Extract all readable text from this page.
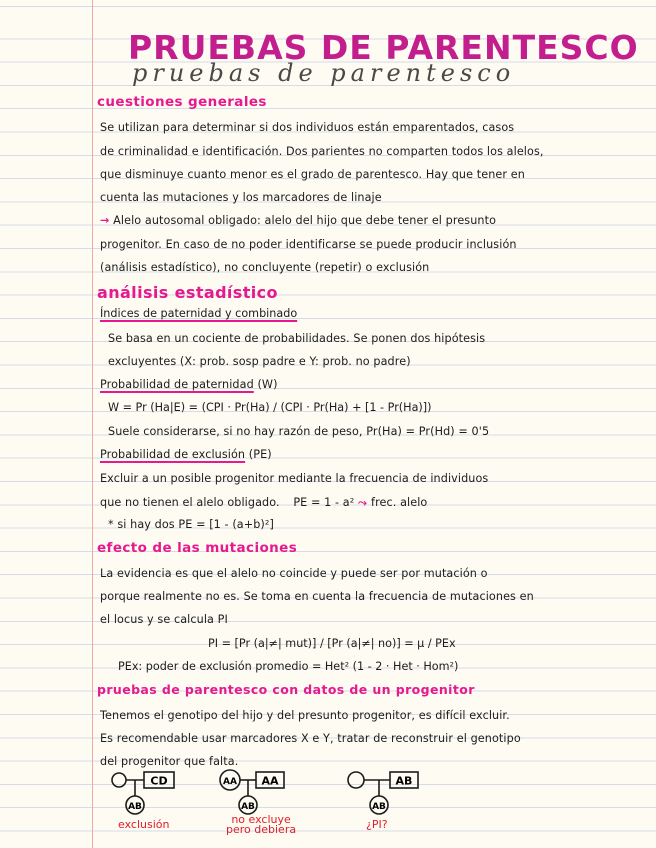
PRUEBAS DE PARENTESCO
pruebas de parentesco
cuestiones generales
Se utilizan para determinar si dos individuos están emparentados, casos
de criminalidad e identificación. Dos parientes no comparten todos los alelos,
que disminuye cuanto menor es el grado de parentesco. Hay que tener en
cuenta las mutaciones y los marcadores de linaje
→ Alelo autosomal obligado: alelo del hijo que debe tener el presunto
progenitor. En caso de no poder identificarse se puede producir inclusión
(análisis estadístico), no concluyente (repetir) o exclusión
análisis estadístico
Índices de paternidad y combinado
Se basa en un cociente de probabilidades. Se ponen dos hipótesis
excluyentes (X: prob. sosp padre e Y: prob. no padre)
Probabilidad de paternidad (W)
W = Pr (Ha|E) = (CPI · Pr(Ha) / (CPI · Pr(Ha) + [1 - Pr(Ha)])
Suele considerarse, si no hay razón de peso, Pr(Ha) = Pr(Hd) = 0'5
Probabilidad de exclusión (PE)
Excluir a un posible progenitor mediante la frecuencia de individuos
que no tienen el alelo obligado. PE = 1 - a² ⤳ frec. alelo
* si hay dos PE = [1 - (a+b)²]
efecto de las mutaciones
La evidencia es que el alelo no coincide y puede ser por mutación o
porque realmente no es. Se toma en cuenta la frecuencia de mutaciones en
el locus y se calcula PI
PI = [Pr (a|≠| mut)] / [Pr (a|≠| no)] = μ / PEx
PEx: poder de exclusión promedio = Het² (1 - 2 · Het · Hom²)
pruebas de parentesco con datos de un progenitor
Tenemos el genotipo del hijo y del presunto progenitor, es difícil excluir.
Es recomendable usar marcadores X e Y, tratar de reconstruir el genotipo
del progenitor que falta.
CD
AB
exclusión
AA AA
AB
no excluye
pero debiera
AB
AB
¿PI?
